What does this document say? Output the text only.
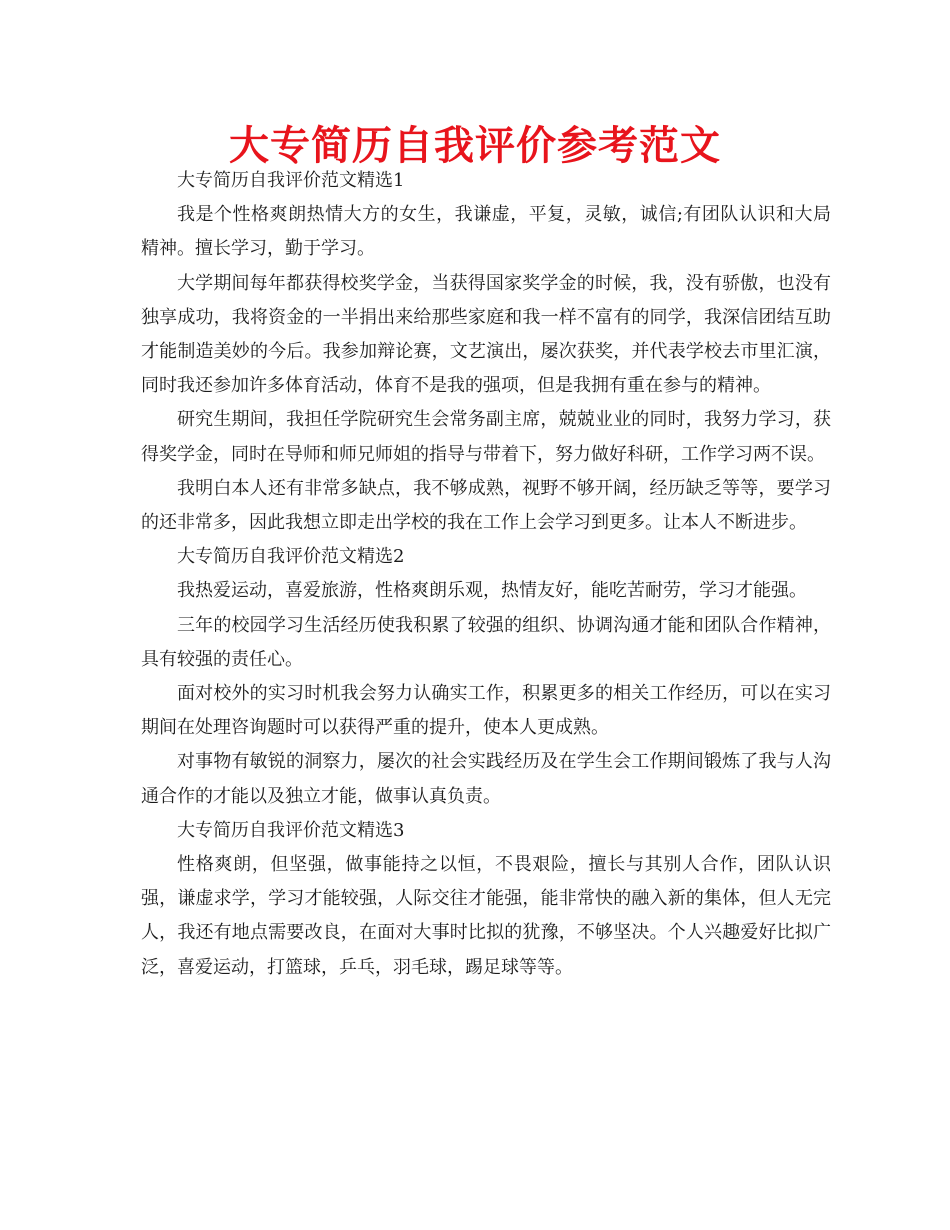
大专简历自我评价参考范文

大专简历自我评价范文精选1

我是个性格爽朗热情大方的女生，我谦虚，平复，灵敏，诚信;有团队认识和大局精神。擅长学习，勤于学习。

大学期间每年都获得校奖学金，当获得国家奖学金的时候，我，没有骄傲，也没有独享成功，我将资金的一半捐出来给那些家庭和我一样不富有的同学，我深信团结互助才能制造美妙的今后。我参加辩论赛，文艺演出，屡次获奖，并代表学校去市里汇演，同时我还参加许多体育活动，体育不是我的强项，但是我拥有重在参与的精神。

研究生期间，我担任学院研究生会常务副主席，兢兢业业的同时，我努力学习，获得奖学金，同时在导师和师兄师姐的指导与带着下，努力做好科研，工作学习两不误。

我明白本人还有非常多缺点，我不够成熟，视野不够开阔，经历缺乏等等，要学习的还非常多，因此我想立即走出学校的我在工作上会学习到更多。让本人不断进步。

大专简历自我评价范文精选2

我热爱运动，喜爱旅游，性格爽朗乐观，热情友好，能吃苦耐劳，学习才能强。

三年的校园学习生活经历使我积累了较强的组织、协调沟通才能和团队合作精神，具有较强的责任心。

面对校外的实习时机我会努力认确实工作，积累更多的相关工作经历，可以在实习期间在处理咨询题时可以获得严重的提升，使本人更成熟。

对事物有敏锐的洞察力，屡次的社会实践经历及在学生会工作期间锻炼了我与人沟通合作的才能以及独立才能，做事认真负责。

大专简历自我评价范文精选3

性格爽朗，但坚强，做事能持之以恒，不畏艰险，擅长与其别人合作，团队认识强，谦虚求学，学习才能较强，人际交往才能强，能非常快的融入新的集体，但人无完人，我还有地点需要改良，在面对大事时比拟的犹豫，不够坚决。个人兴趣爱好比拟广泛，喜爱运动，打篮球，乒乓，羽毛球，踢足球等等。
